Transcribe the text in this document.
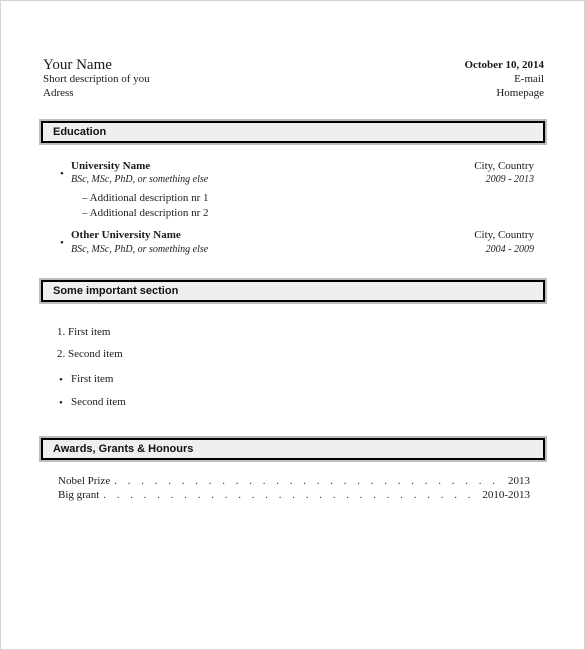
Your Name
Short description of you
Adress
October 10, 2014
E-mail
Homepage
Education
•
University Name
BSc, MSc, PhD, or something else
City, Country
2009 - 2013
– Additional description nr 1
– Additional description nr 2
•
Other University Name
BSc, MSc, PhD, or something else
City, Country
2004 - 2009
Some important section
1. First item
2. Second item
• First item
• Second item
Awards, Grants & Honours
Nobel Prize . . .	2013
Big grant . . .	2010-2013
